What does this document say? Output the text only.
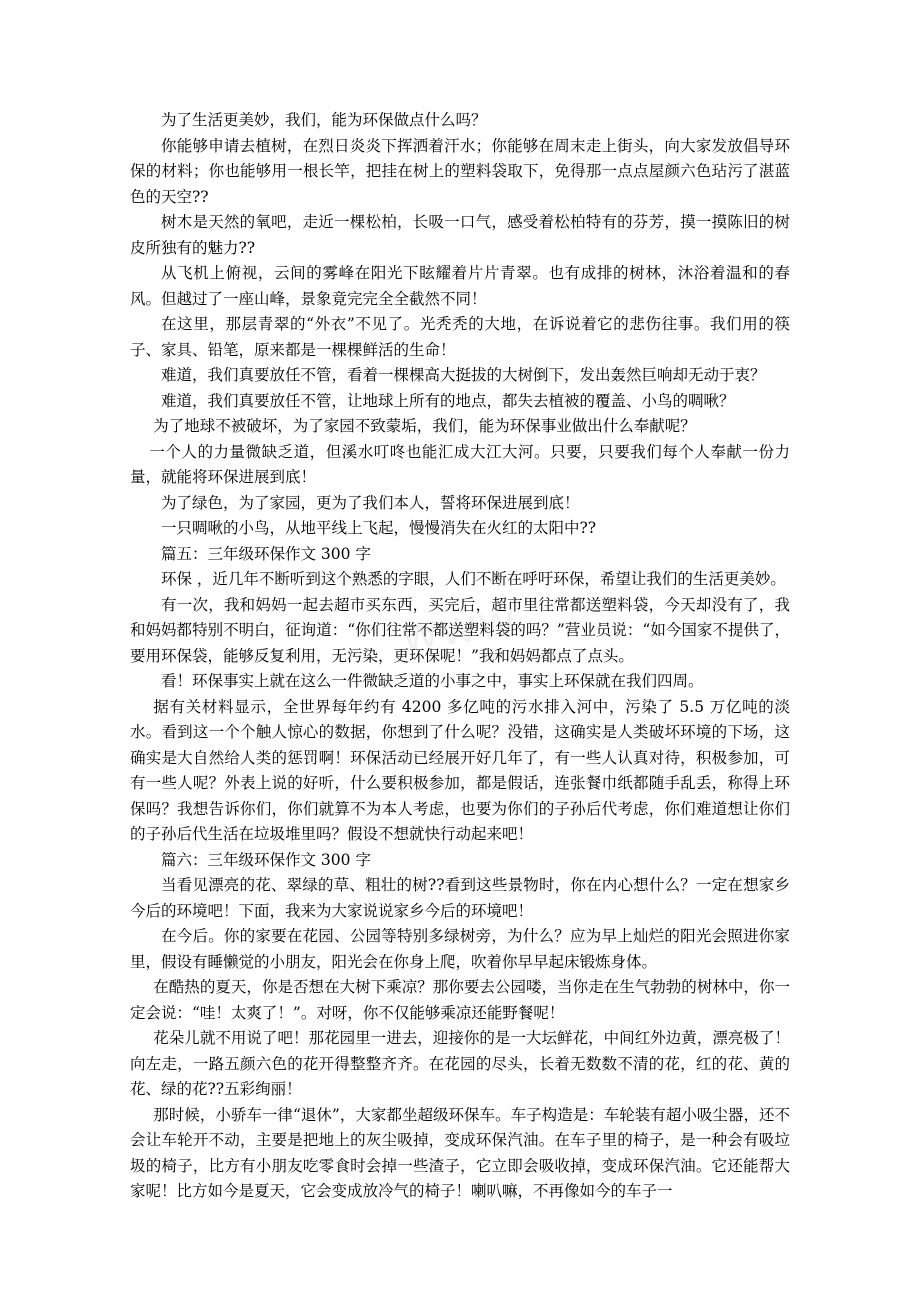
www

为了生活更美妙，我们，能为环保做点什么吗？

你能够申请去植树，在烈日炎炎下挥洒着汗水；你能够在周末走上街头，向大家发放倡导环保的材料；你也能够用一根长竿，把挂在树上的塑料袋取下，免得那一点点屋颜六色玷污了湛蓝色的天空??

树木是天然的氧吧，走近一棵松柏，长吸一口气，感受着松柏特有的芬芳，摸一摸陈旧的树皮所独有的魅力??

从飞机上俯视，云间的雾峰在阳光下眩耀着片片青翠。也有成排的树林，沐浴着温和的春风。但越过了一座山峰，景象竟完完全全截然不同！

在这里，那层青翠的“外衣”不见了。光秃秃的大地，在诉说着它的悲伤往事。我们用的筷子、家具、铅笔，原来都是一棵棵鲜活的生命！

难道，我们真要放任不管，看着一棵棵高大挺拔的大树倒下，发出轰然巨响却无动于衷？

难道，我们真要放任不管，让地球上所有的地点，都失去植被的覆盖、小鸟的啁啾？

为了地球不被破坏，为了家园不致蒙垢，我们，能为环保事业做出什么奉献呢？

一个人的力量微缺乏道，但溪水叮咚也能汇成大江大河。只要，只要我们每个人奉献一份力量，就能将环保进展到底！

为了绿色，为了家园，更为了我们本人，誓将环保进展到底！

一只啁啾的小鸟，从地平线上飞起，慢慢消失在火红的太阳中??

篇五：三年级环保作文 300 字

环保 ，近几年不断听到这个熟悉的字眼，人们不断在呼吁环保，希望让我们的生活更美妙。

有一次，我和妈妈一起去超市买东西，买完后，超市里往常都送塑料袋，今天却没有了，我和妈妈都特别不明白，征询道：“你们往常不都送塑料袋的吗？”营业员说：“如今国家不提供了，要用环保袋，能够反复利用，无污染，更环保呢！”我和妈妈都点了点头。

看！环保事实上就在这么一件微缺乏道的小事之中，事实上环保就在我们四周。

据有关材料显示，全世界每年约有 4200 多亿吨的污水排入河中，污染了 5.5 万亿吨的淡水。看到这一个个触人惊心的数据，你想到了什么呢？没错，这确实是人类破坏环境的下场，这确实是大自然给人类的惩罚啊！环保活动已经展开好几年了，有一些人认真对待，积极参加，可有一些人呢？外表上说的好听，什么要积极参加，都是假话，连张餐巾纸都随手乱丢，称得上环保吗？我想告诉你们，你们就算不为本人考虑，也要为你们的子孙后代考虑，你们难道想让你们的子孙后代生活在垃圾堆里吗？假设不想就快行动起来吧！

篇六：三年级环保作文 300 字

当看见漂亮的花、翠绿的草、粗壮的树??看到这些景物时，你在内心想什么？一定在想家乡今后的环境吧！下面，我来为大家说说家乡今后的环境吧！

在今后。你的家要在花园、公园等特别多绿树旁，为什么？应为早上灿烂的阳光会照进你家里，假设有睡懒觉的小朋友，阳光会在你身上爬，吹着你早早起床锻炼身体。

在酷热的夏天，你是否想在大树下乘凉？那你要去公园喽，当你走在生气勃勃的树林中，你一定会说：“哇！太爽了！”。对呀，你不仅能够乘凉还能野餐呢！

花朵儿就不用说了吧！那花园里一进去，迎接你的是一大坛鲜花，中间红外边黄，漂亮极了！向左走，一路五颜六色的花开得整整齐齐。在花园的尽头，长着无数数不清的花，红的花、黄的花、绿的花??五彩绚丽！

那时候，小骄车一律“退休”，大家都坐超级环保车。车子构造是：车轮装有超小吸尘器，还不会让车轮开不动，主要是把地上的灰尘吸掉，变成环保汽油。在车子里的椅子，是一种会有吸垃圾的椅子，比方有小朋友吃零食时会掉一些渣子，它立即会吸收掉，变成环保汽油。它还能帮大家呢！比方如今是夏天，它会变成放冷气的椅子！喇叭嘛，不再像如今的车子一
